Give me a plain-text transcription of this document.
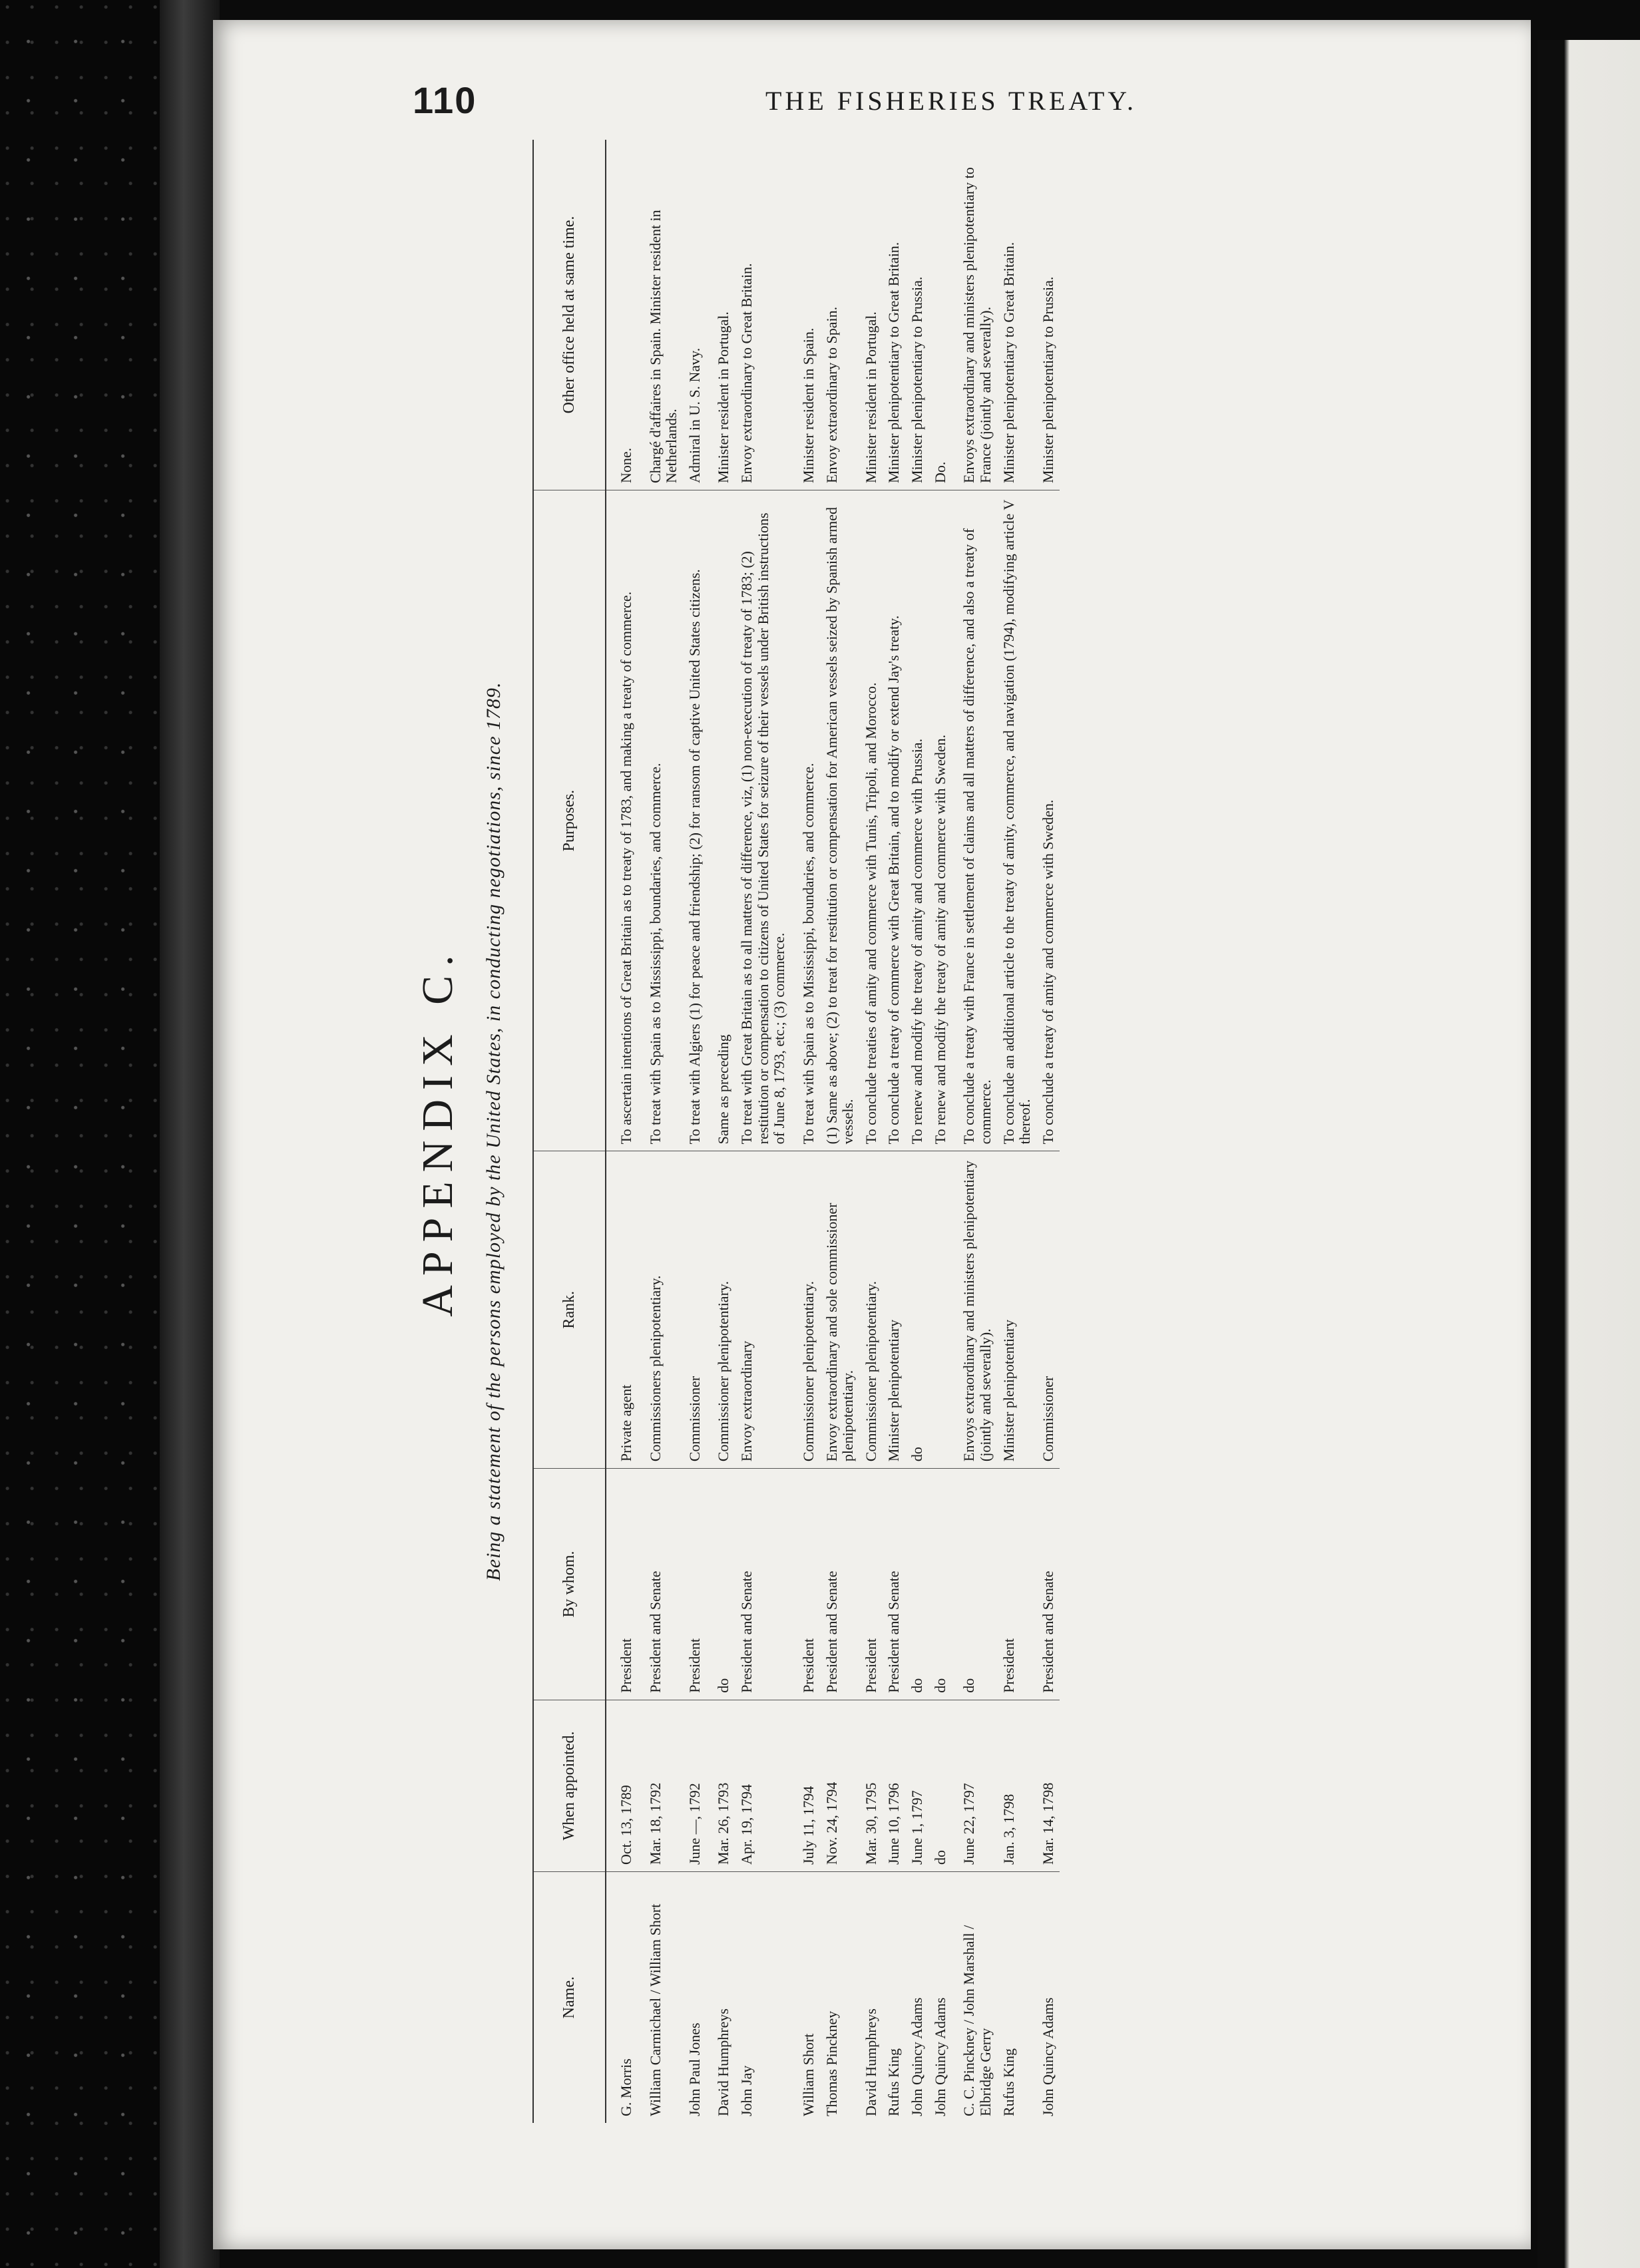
110	THE FISHERIES TREATY.
APPENDIX C. Being a statement of the persons employed by the United States, in conducting negotiations, since 1789.
Name.	When appointed.	By whom.	Rank.	Purposes.	Other office held at same time.
G. Morris	Oct. 13, 1789	President	Private agent	To ascertain intentions of Great Britain as to treaty of 1783, and making a treaty of commerce.	None.
William Carmichael / William Short	Mar. 18, 1792	President and Senate	Commissioners plenipotentiary.	To treat with Spain as to Mississippi, boundaries, and commerce.	Chargé d'affaires in Spain. Minister resident in Netherlands.
John Paul Jones	June —, 1792	President	Commissioner	To treat with Algiers (1) for peace and friendship; (2) for ransom of captive United States citizens.	Admiral in U. S. Navy.
David Humphreys	Mar. 26, 1793	do	Commissioner plenipotentiary.	Same as preceding	Minister resident in Portugal.
John Jay	Apr. 19, 1794	President and Senate	Envoy extraordinary	To treat with Great Britain as to all matters of difference, viz, (1) non-execution of treaty of 1783; (2) restitution or compensation to citizens of United States for seizure of their vessels under British instructions of June 8, 1793, etc.; (3) commerce.	Envoy extraordinary to Great Britain.
William Short	July 11, 1794	President	Commissioner plenipotentiary.	To treat with Spain as to Mississippi, boundaries, and commerce.	Minister resident in Spain.
Thomas Pinckney	Nov. 24, 1794	President and Senate	Envoy extraordinary and sole commissioner plenipotentiary.	(1) Same as above; (2) to treat for restitution or compensation for American vessels seized by Spanish armed vessels.	Envoy extraordinary to Spain.
David Humphreys	Mar. 30, 1795	President	Commissioner plenipotentiary.	To conclude treaties of amity and commerce with Tunis, Tripoli, and Morocco.	Minister resident in Portugal.
Rufus King	June 10, 1796	President and Senate	Minister plenipotentiary	To conclude a treaty of commerce with Great Britain, and to modify or extend Jay's treaty.	Minister plenipotentiary to Great Britain.
John Quincy Adams	June 1, 1797	do	do	To renew and modify the treaty of amity and commerce with Prussia.	Minister plenipotentiary to Prussia.
John Quincy Adams	do	do		To renew and modify the treaty of amity and commerce with Sweden.	Do.
C. C. Pinckney / John Marshall / Elbridge Gerry	June 22, 1797	do	Envoys extraordinary and ministers plenipotentiary (jointly and severally).	To conclude a treaty with France in settlement of claims and all matters of difference, and also a treaty of commerce.	Envoys extraordinary and ministers plenipotentiary to France (jointly and severally).
Rufus King	Jan. 3, 1798	President	Minister plenipotentiary	To conclude an additional article to the treaty of amity, commerce, and navigation (1794), modifying article V thereof.	Minister plenipotentiary to Great Britain.
John Quincy Adams	Mar. 14, 1798	President and Senate	Commissioner	To conclude a treaty of amity and commerce with Sweden.	Minister plenipotentiary to Prussia.
